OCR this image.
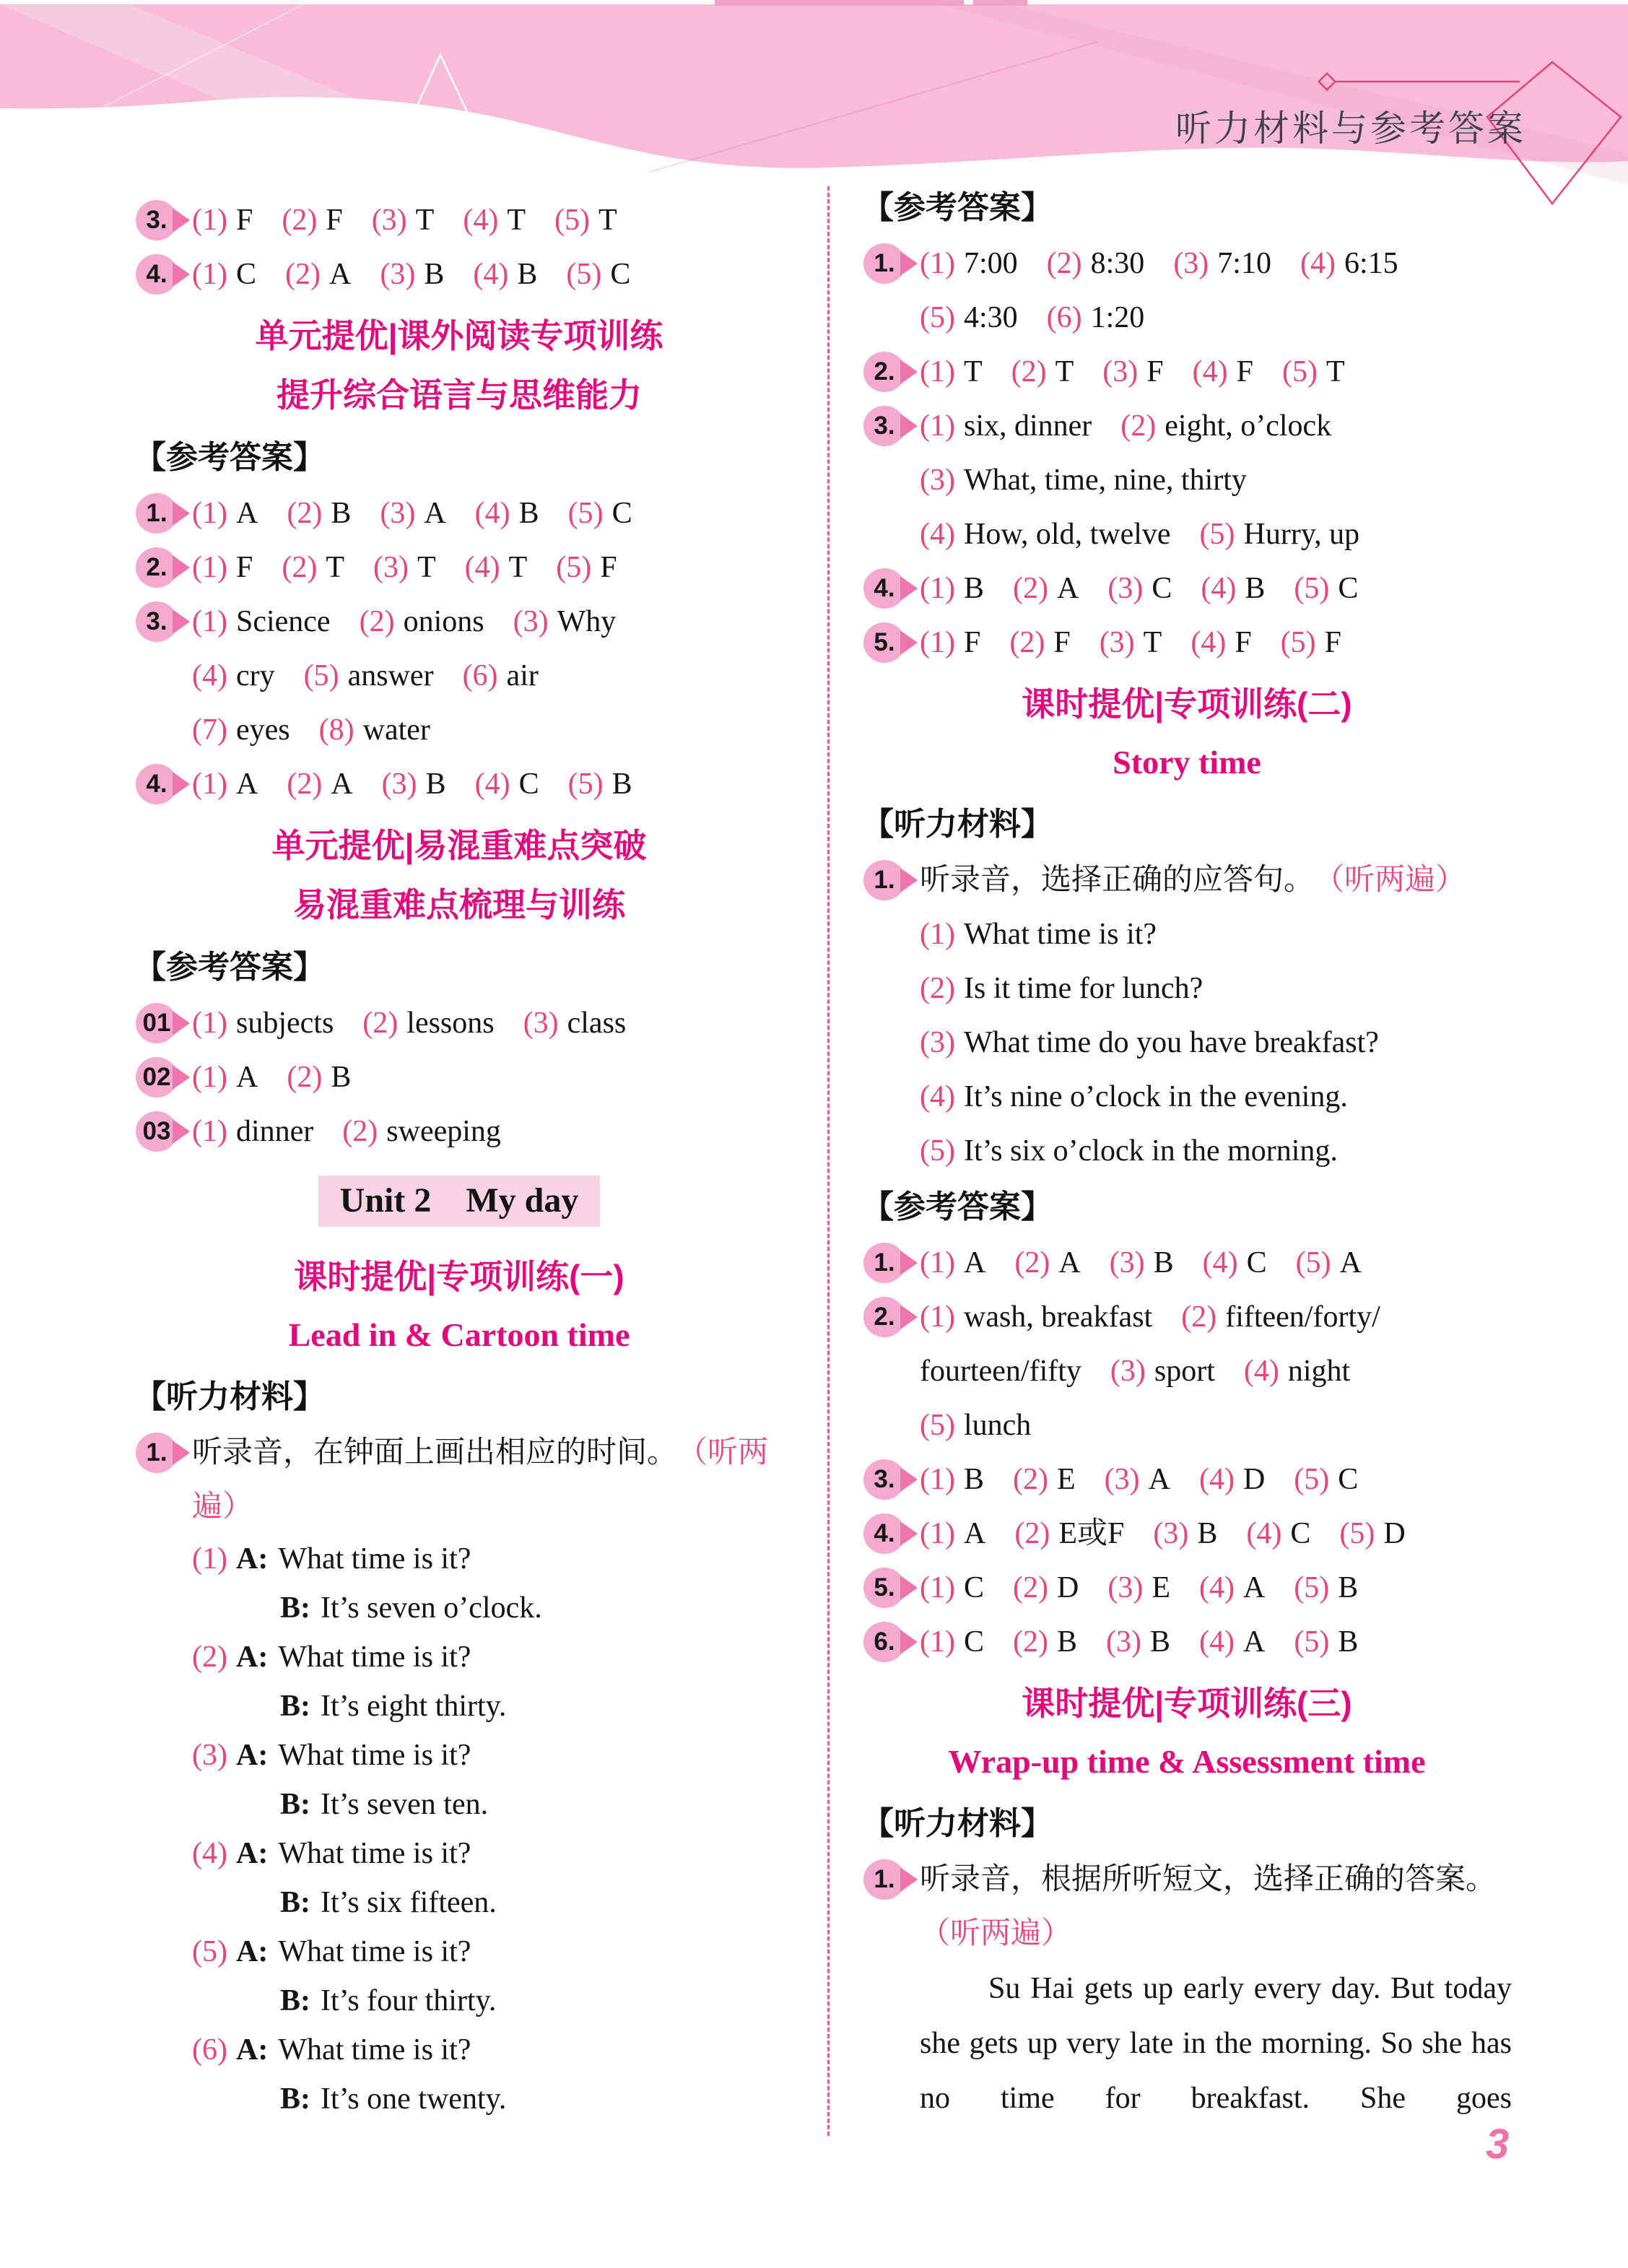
听力材料与参考答案
3. (1) F (2) F (3) T (4) T (5) T
4. (1) C (2) A (3) B (4) B (5) C
单元提优|课外阅读专项训练
提升综合语言与思维能力
【参考答案】
1. (1) A (2) B (3) A (4) B (5) C
2. (1) F (2) T (3) T (4) T (5) F
3. (1) Science (2) onions (3) Why
(4) cry (5) answer (6) air
(7) eyes (8) water
4. (1) A (2) A (3) B (4) C (5) B
单元提优|易混重难点突破
易混重难点梳理与训练
【参考答案】
01 (1) subjects (2) lessons (3) class
02 (1) A (2) B
03 (1) dinner (2) sweeping
Unit 2 My day
课时提优|专项训练(一)
Lead in & Cartoon time
【听力材料】
1. 听录音，在钟面上画出相应的时间。（听两
遍）
(1) A: What time is it?
B: It’s seven o’clock.
(2) A: What time is it?
B: It’s eight thirty.
(3) A: What time is it?
B: It’s seven ten.
(4) A: What time is it?
B: It’s six fifteen.
(5) A: What time is it?
B: It’s four thirty.
(6) A: What time is it?
B: It’s one twenty.
【参考答案】
1. (1) 7:00 (2) 8:30 (3) 7:10 (4) 6:15
(5) 4:30 (6) 1:20
2. (1) T (2) T (3) F (4) F (5) T
3. (1) six, dinner (2) eight, o’clock
(3) What, time, nine, thirty
(4) How, old, twelve (5) Hurry, up
4. (1) B (2) A (3) C (4) B (5) C
5. (1) F (2) F (3) T (4) F (5) F
课时提优|专项训练(二)
Story time
【听力材料】
1. 听录音，选择正确的应答句。（听两遍）
(1) What time is it?
(2) Is it time for lunch?
(3) What time do you have breakfast?
(4) It’s nine o’clock in the evening.
(5) It’s six o’clock in the morning.
【参考答案】
1. (1) A (2) A (3) B (4) C (5) A
2. (1) wash, breakfast (2) fifteen/forty/
fourteen/fifty (3) sport (4) night
(5) lunch
3. (1) B (2) E (3) A (4) D (5) C
4. (1) A (2) E或F (3) B (4) C (5) D
5. (1) C (2) D (3) E (4) A (5) B
6. (1) C (2) B (3) B (4) A (5) B
课时提优|专项训练(三)
Wrap-up time & Assessment time
【听力材料】
1. 听录音，根据所听短文，选择正确的答案。
（听两遍）
Su Hai gets up early every day. But today she gets up very late in the morning. So she has no time for breakfast. She goes
3
